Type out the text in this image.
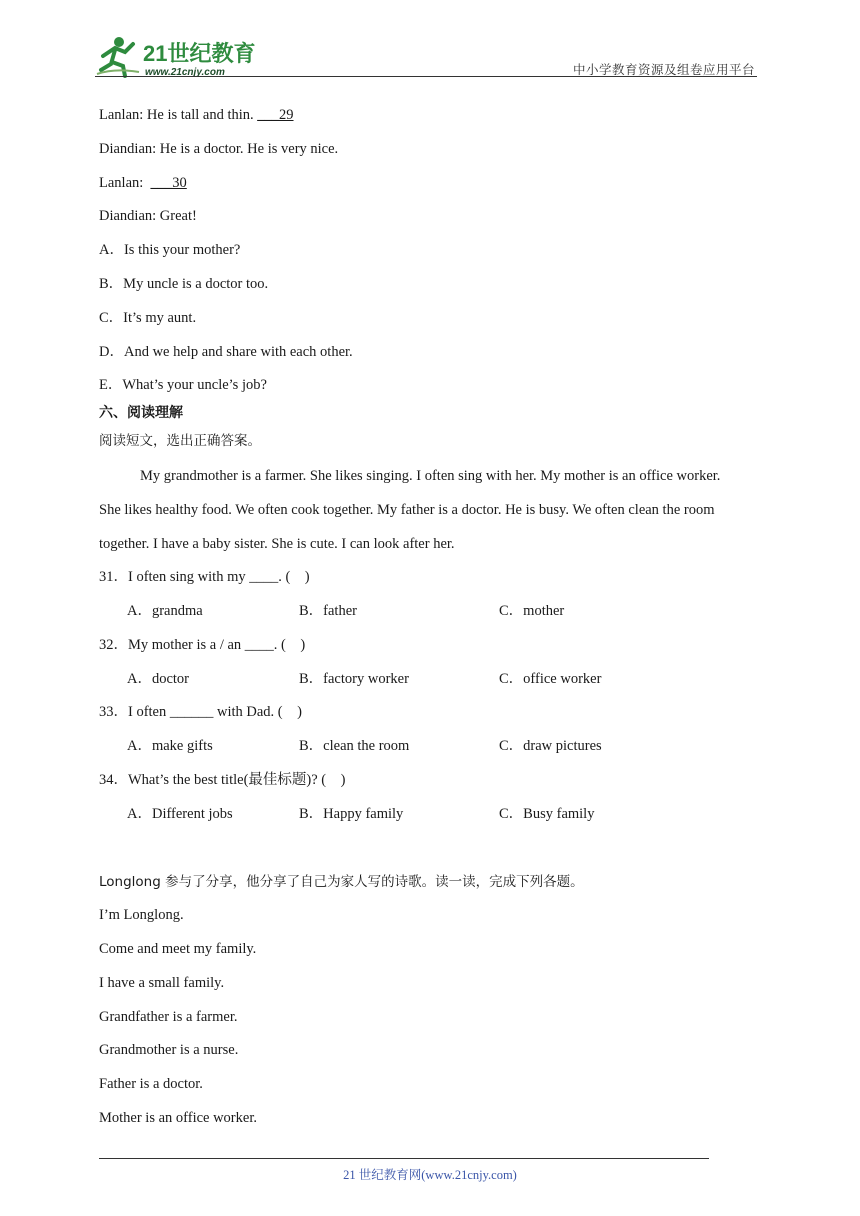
21世纪教育
www.21cnjy.com	中小学教育资源及组卷应用平台
Lanlan: He is tall and thin. ___29
Diandian: He is a doctor. He is very nice.
Lanlan:  ___30
Diandian: Great!
A．Is this your mother?
B．My uncle is a doctor too.
C．It’s my aunt.
D．And we help and share with each other.
E．What’s your uncle’s job?
六、阅读理解
阅读短文，选出正确答案。
My grandmother is a farmer. She likes singing. I often sing with her. My mother is an office worker.
She likes healthy food. We often cook together. My father is a doctor. He is busy. We often clean the room
together. I have a baby sister. She is cute. I can look after her.
31．I often sing with my ____. (　)
A．grandma	B．father	C．mother
32．My mother is a / an ____. (　)
A．doctor	B．factory worker	C．office worker
33．I often ______ with Dad. (　)
A．make gifts	B．clean the room	C．draw pictures
34．What’s the best title(最佳标题)? (　)
A．Different jobs	B．Happy family	C．Busy family
Longlong 参与了分享，他分享了自己为家人写的诗歌。读一读，完成下列各题。
I’m Longlong.
Come and meet my family.
I have a small family.
Grandfather is a farmer.
Grandmother is a nurse.
Father is a doctor.
Mother is an office worker.
21 世纪教育网(www.21cnjy.com)
